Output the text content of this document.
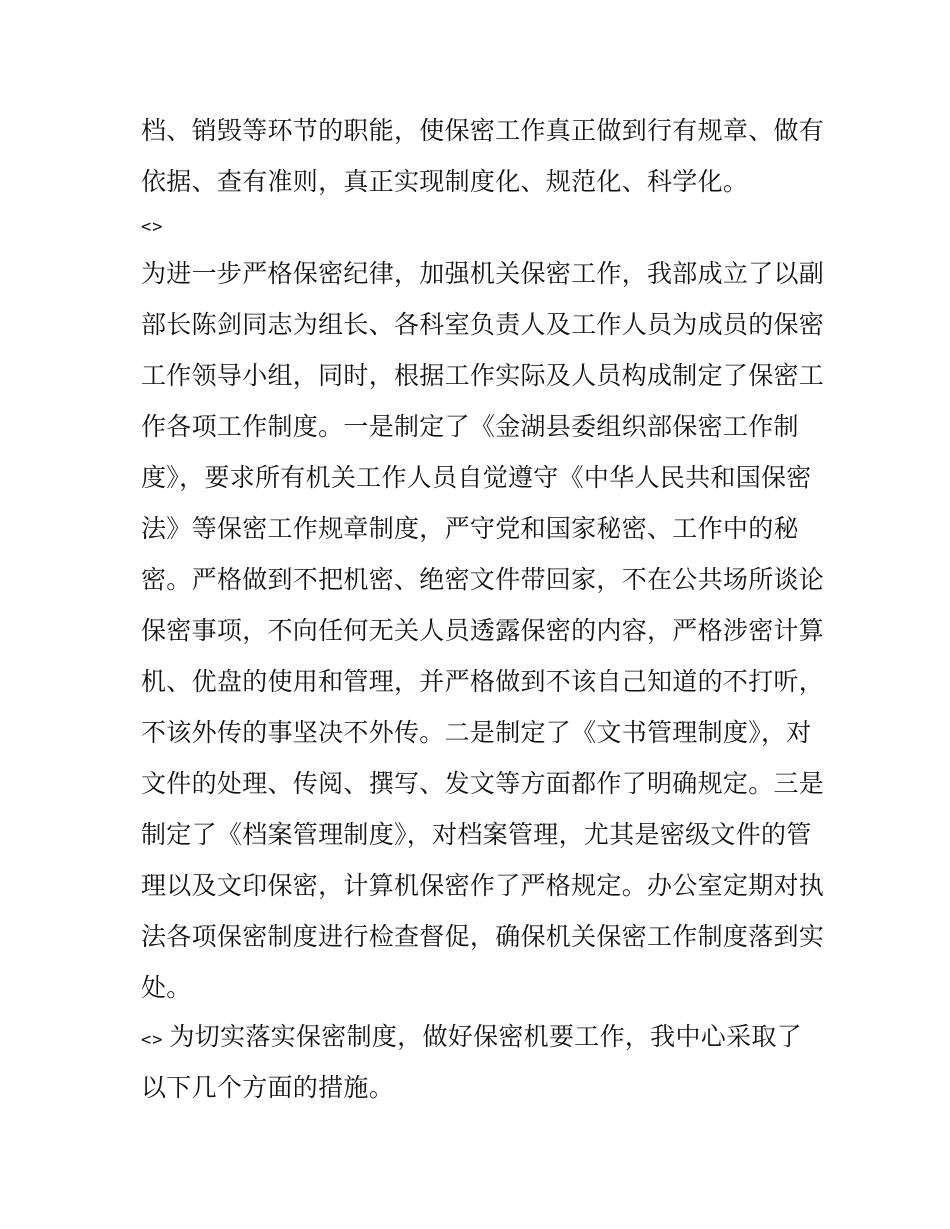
档、销毁等环节的职能，使保密工作真正做到行有规章、做有
依据、查有准则，真正实现制度化、规范化、科学化。
<>
为进一步严格保密纪律，加强机关保密工作，我部成立了以副
部长陈剑同志为组长、各科室负责人及工作人员为成员的保密
工作领导小组，同时，根据工作实际及人员构成制定了保密工
作各项工作制度。一是制定了《金湖县委组织部保密工作制
度》，要求所有机关工作人员自觉遵守《中华人民共和国保密
法》等保密工作规章制度，严守党和国家秘密、工作中的秘
密。严格做到不把机密、绝密文件带回家，不在公共场所谈论
保密事项，不向任何无关人员透露保密的内容，严格涉密计算
机、优盘的使用和管理，并严格做到不该自己知道的不打听，
不该外传的事坚决不外传。二是制定了《文书管理制度》，对
文件的处理、传阅、撰写、发文等方面都作了明确规定。三是
制定了《档案管理制度》，对档案管理，尤其是密级文件的管
理以及文印保密，计算机保密作了严格规定。办公室定期对执
法各项保密制度进行检查督促，确保机关保密工作制度落到实
处。
<> 为切实落实保密制度，做好保密机要工作，我中心采取了
以下几个方面的措施。
